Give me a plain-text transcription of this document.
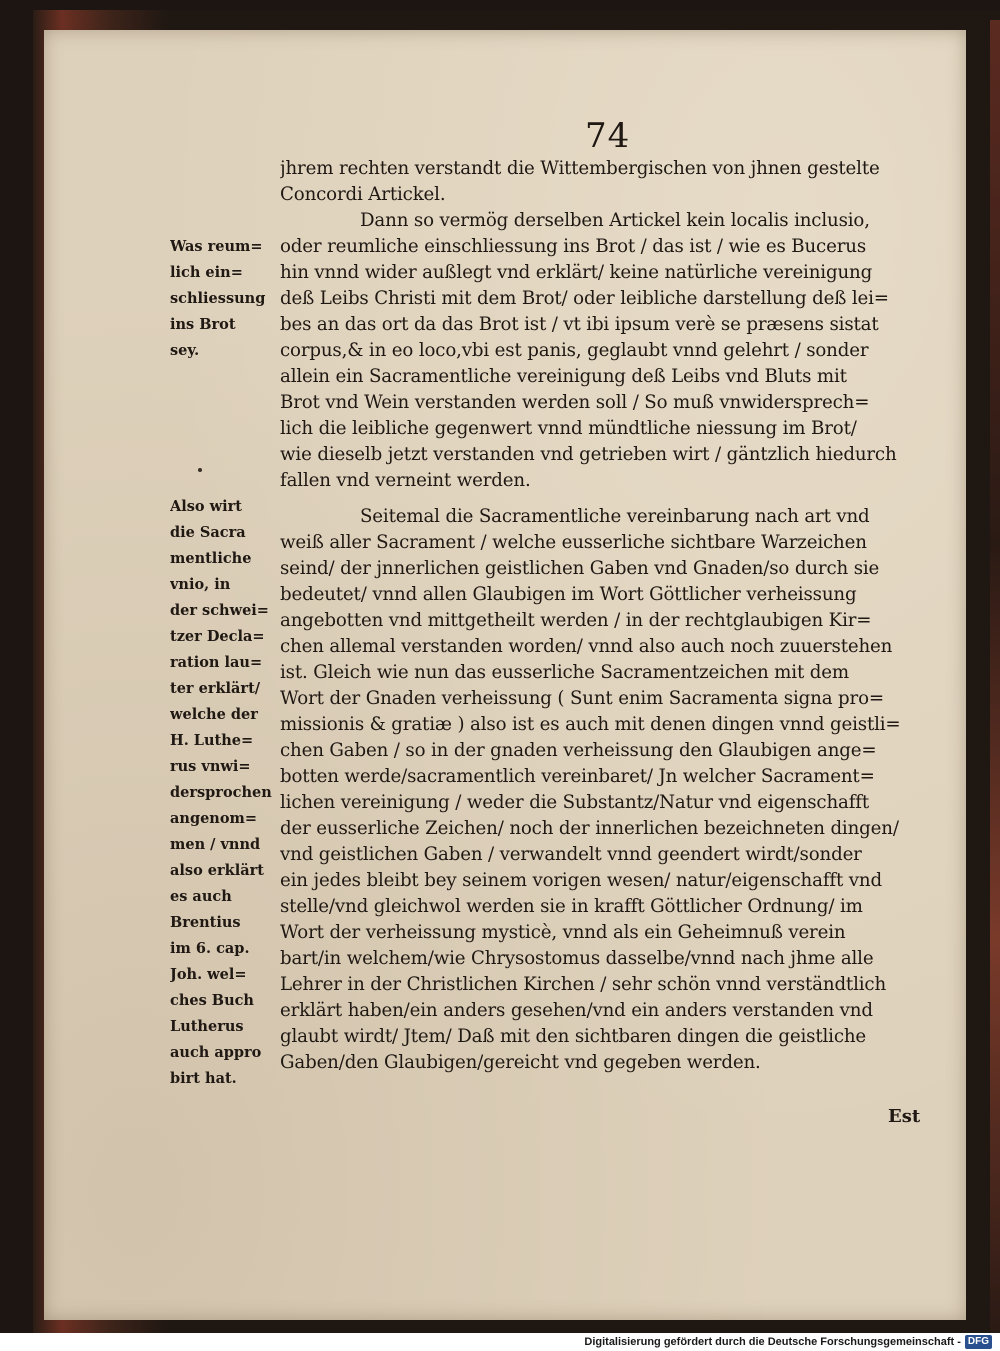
74
jhrem rechten verstandt die Wittembergischen von jhnen gestelte
Concordi Artickel.
Dann so vermög derselben Artickel kein localis inclusio,
oder reumliche einschliessung ins Brot / das ist / wie es Bucerus
hin vnnd wider außlegt vnd erklärt/ keine natürliche vereinigung
deß Leibs Christi mit dem Brot/ oder leibliche darstellung deß lei=
bes an das ort da das Brot ist / vt ibi ipsum verè se præsens sistat
corpus,& in eo loco,vbi est panis, geglaubt vnnd gelehrt / sonder
allein ein Sacramentliche vereinigung deß Leibs vnd Bluts mit
Brot vnd Wein verstanden werden soll / So muß vnwidersprech=
lich die leibliche gegenwert vnnd mündtliche niessung im Brot/
wie dieselb jetzt verstanden vnd getrieben wirt / gäntzlich hiedurch
fallen vnd verneint werden.
Seitemal die Sacramentliche vereinbarung nach art vnd
weiß aller Sacrament / welche eusserliche sichtbare Warzeichen
seind/ der jnnerlichen geistlichen Gaben vnd Gnaden/so durch sie
bedeutet/ vnnd allen Glaubigen im Wort Göttlicher verheissung
angebotten vnd mittgetheilt werden / in der rechtglaubigen Kir=
chen allemal verstanden worden/ vnnd also auch noch zuuerstehen
ist. Gleich wie nun das eusserliche Sacramentzeichen mit dem
Wort der Gnaden verheissung ( Sunt enim Sacramenta signa pro=
missionis & gratiæ ) also ist es auch mit denen dingen vnnd geistli=
chen Gaben / so in der gnaden verheissung den Glaubigen ange=
botten werde/sacramentlich vereinbaret/ Jn welcher Sacrament=
lichen vereinigung / weder die Substantz/Natur vnd eigenschafft
der eusserliche Zeichen/ noch der innerlichen bezeichneten dingen/
vnd geistlichen Gaben / verwandelt vnnd geendert wirdt/sonder
ein jedes bleibt bey seinem vorigen wesen/ natur/eigenschafft vnd
stelle/vnd gleichwol werden sie in krafft Göttlicher Ordnung/ im
Wort der verheissung mysticè, vnnd als ein Geheimnuß verein
bart/in welchem/wie Chrysostomus dasselbe/vnnd nach jhme alle
Lehrer in der Christlichen Kirchen / sehr schön vnnd verständtlich
erklärt haben/ein anders gesehen/vnd ein anders verstanden vnd
glaubt wirdt/ Jtem/ Daß mit den sichtbaren dingen die geistliche
Gaben/den Glaubigen/gereicht vnd gegeben werden.
Was reum=
lich ein=
schliessung
ins Brot
sey.
Also wirt
die Sacra
mentliche
vnio, in
der schwei=
tzer Decla=
ration lau=
ter erklärt/
welche der
H. Luthe=
rus vnwi=
dersprochen
angenom=
men / vnnd
also erklärt
es auch
Brentius
im 6. cap.
Joh. wel=
ches Buch
Lutherus
auch appro
birt hat.
Est
Digitalisierung gefördert durch die Deutsche Forschungsgemeinschaft - DFG
